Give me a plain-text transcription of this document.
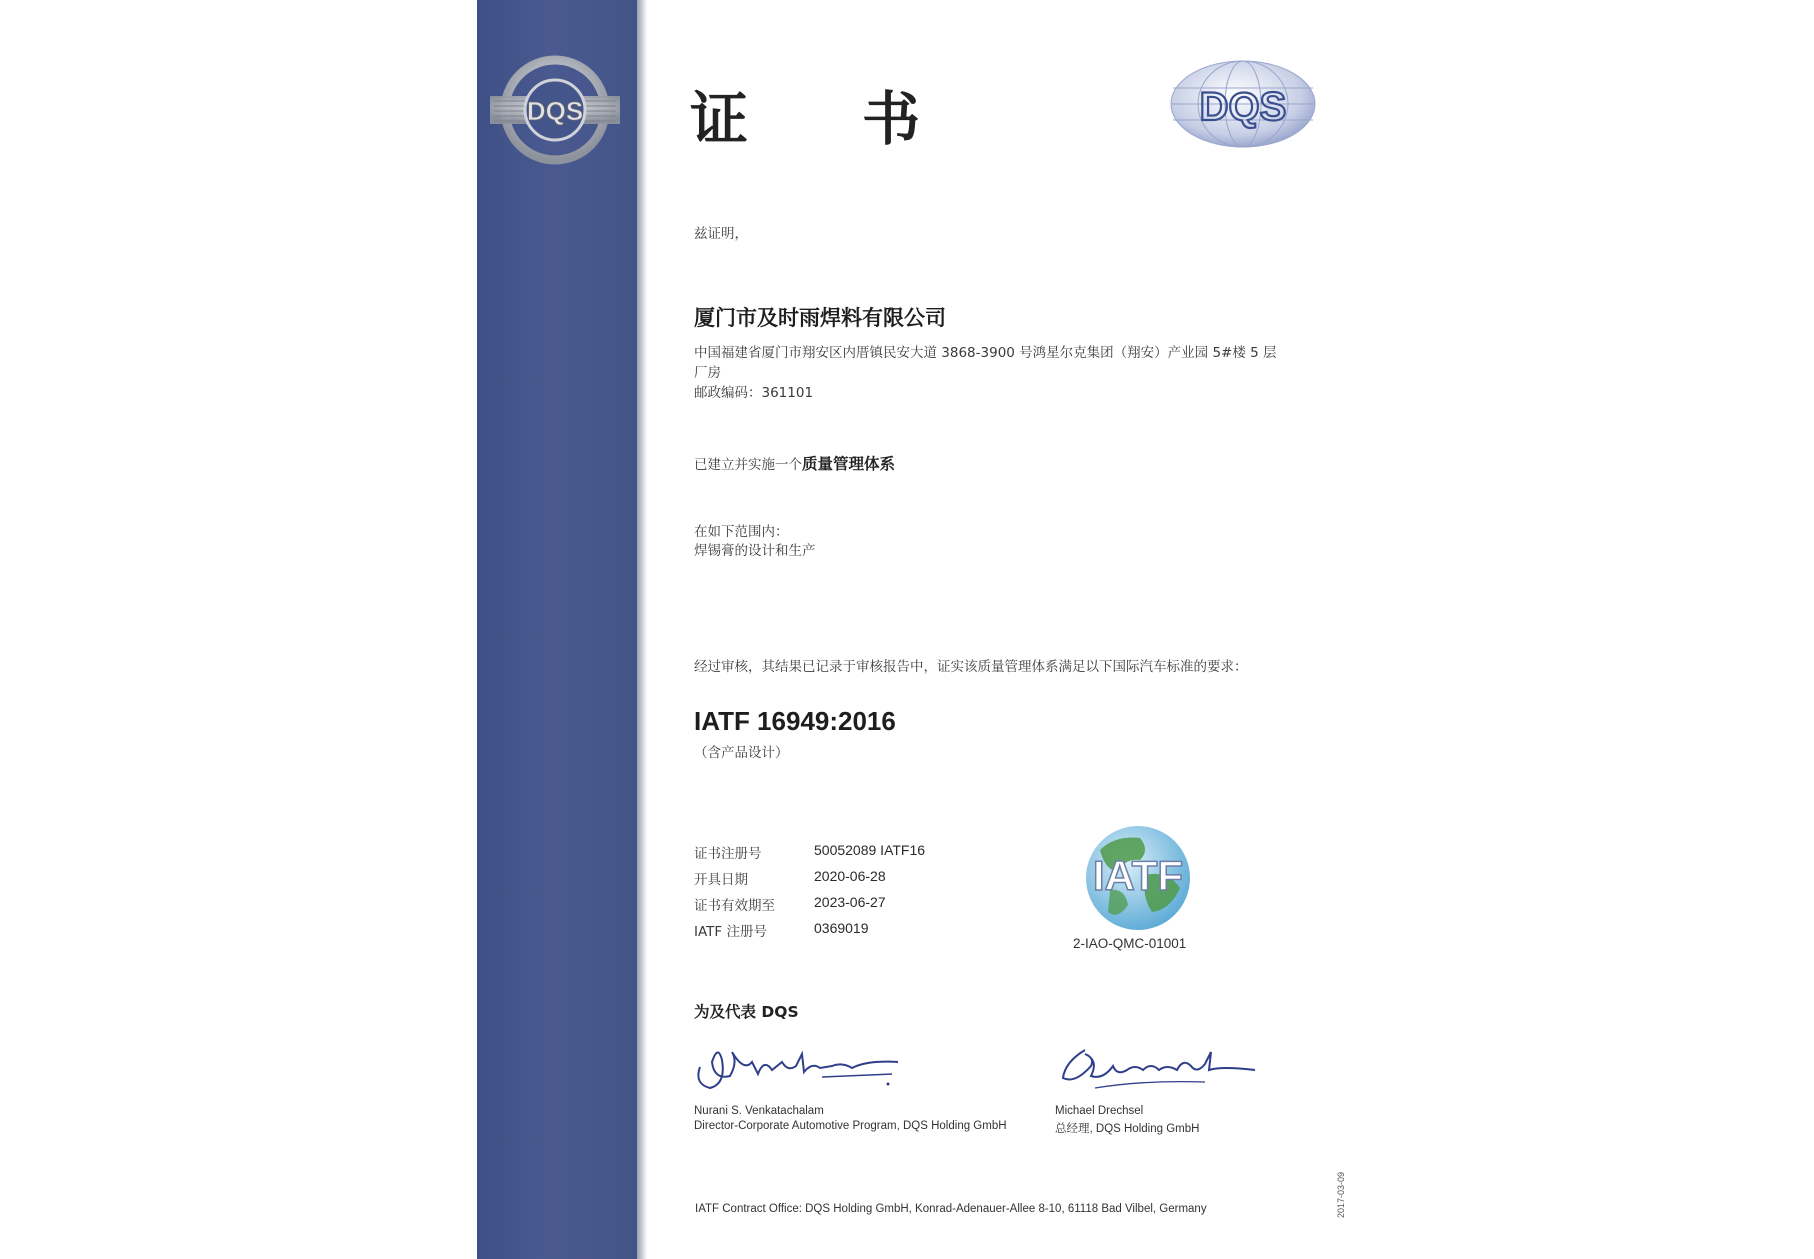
DQS 证 书	DQS
兹证明，
厦门市及时雨焊料有限公司
中国福建省厦门市翔安区内厝镇民安大道 3868-3900 号鸿星尔克集团（翔安）产业园 5#楼 5 层
厂房
邮政编码：361101
已建立并实施一个质量管理体系
在如下范围内：
焊锡膏的设计和生产
经过审核，其结果已记录于审核报告中，证实该质量管理体系满足以下国际汽车标准的要求：
IATF 16949:2016
（含产品设计）
证书注册号	50052089 IATF16
开具日期	2020-06-28
证书有效期至	2023-06-27
IATF 注册号	0369019
IATF
2-IAO-QMC-01001
为及代表 DQS
Nurani S. Venkatachalam
Director-Corporate Automotive Program, DQS Holding GmbH
Michael Drechsel
总经理, DQS Holding GmbH
IATF Contract Office: DQS Holding GmbH, Konrad-Adenauer-Allee 8-10, 61118 Bad Vilbel, Germany	2017-03-09
